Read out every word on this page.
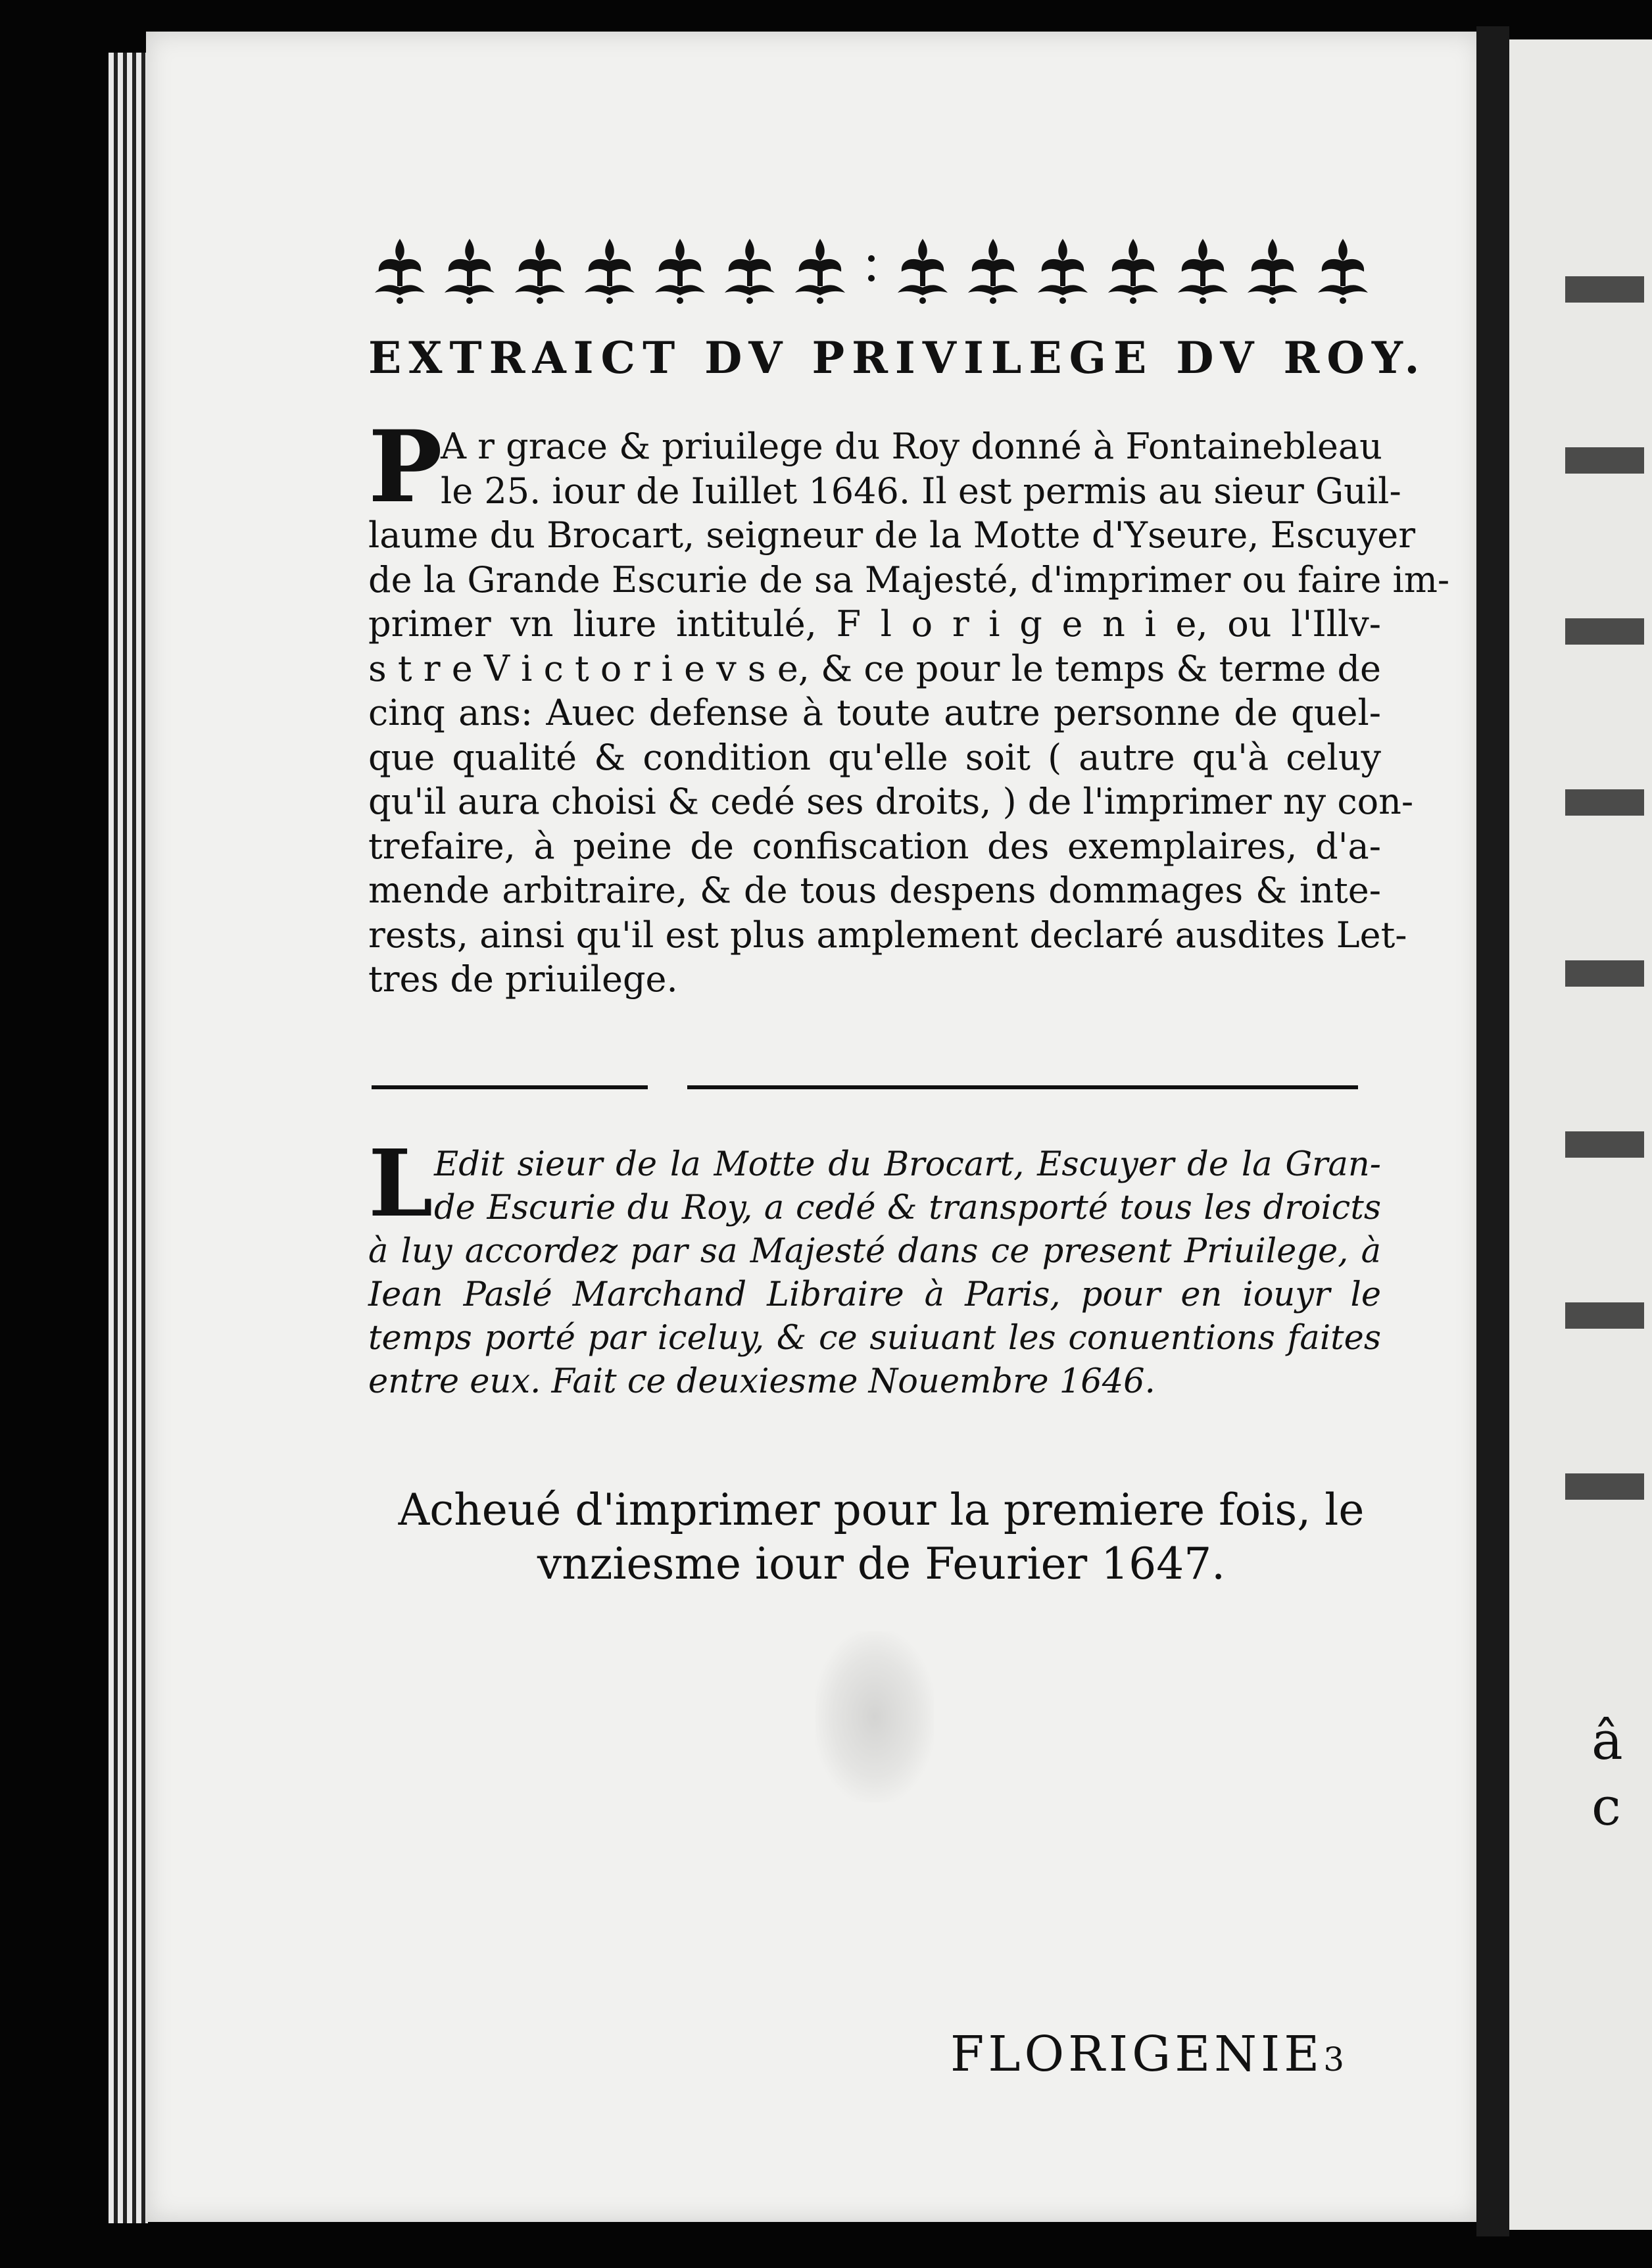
â
c
EXTRAICT DV PRIVILEGE DV ROY.
P
A r grace & priuilege du Roy donné à Fontainebleau
le 25. iour de Iuillet 1646. Il est permis au sieur Guil-
laume du Brocart, seigneur de la Motte d'Yseure, Escuyer
de la Grande Escurie de sa Majesté, d'imprimer ou faire im-
primer vn liure intitulé, F l o r i g e n i e, ou l'Illv-
s t r e V i c t o r i e v s e, & ce pour le temps & terme de
cinq ans: Auec defense à toute autre personne de quel-
que qualité & condition qu'elle soit ( autre qu'à celuy
qu'il aura choisi & cedé ses droits, ) de l'imprimer ny con-
trefaire, à peine de confiscation des exemplaires, d'a-
mende arbitraire, & de tous despens dommages & inte-
rests, ainsi qu'il est plus amplement declaré ausdites Let-
tres de priuilege.
L Edit sieur de la Motte du Brocart, Escuyer de la Gran-
de Escurie du Roy, a cedé & transporté tous les droicts
à luy accordez par sa Majesté dans ce present Priuilege, à
Iean Paslé Marchand Libraire à Paris, pour en iouyr le
temps porté par iceluy, & ce suiuant les conuentions faites
entre eux. Fait ce deuxiesme Nouembre 1646.
Acheué d'imprimer pour la premiere fois, le
vnziesme iour de Feurier 1647.
FLORIGENIE3
